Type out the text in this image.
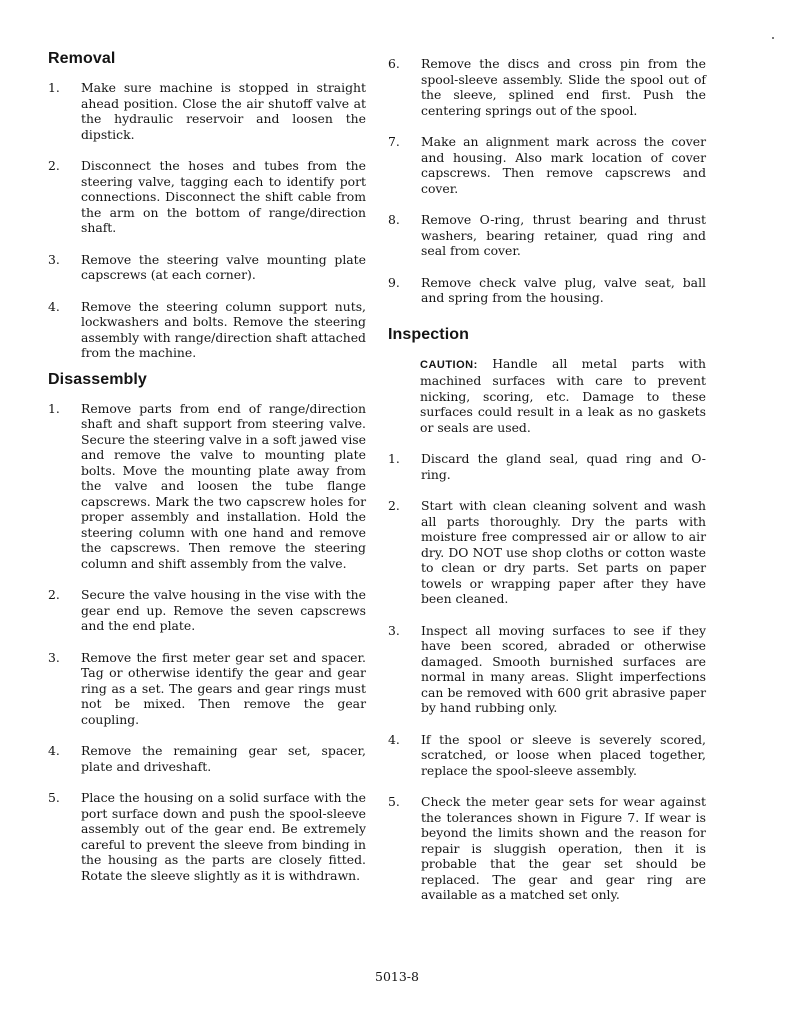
Removal
1.	Make sure machine is stopped in straight ahead position. Close the air shutoff valve at the hydraulic reservoir and loosen the dipstick.
2.	Disconnect the hoses and tubes from the steering valve, tagging each to identify port connections. Disconnect the shift cable from the arm on the bottom of range/direction shaft.
3.	Remove the steering valve mounting plate capscrews (at each corner).
4.	Remove the steering column support nuts, lockwashers and bolts. Remove the steering assembly with range/direction shaft attached from the machine.
Disassembly
1.	Remove parts from end of range/direction shaft and shaft support from steering valve. Secure the steering valve in a soft jawed vise and remove the valve to mounting plate bolts. Move the mounting plate away from the valve and loosen the tube flange capscrews. Mark the two capscrew holes for proper assembly and installation. Hold the steering column with one hand and remove the capscrews. Then remove the steering column and shift assembly from the valve.
2.	Secure the valve housing in the vise with the gear end up. Remove the seven capscrews and the end plate.
3.	Remove the first meter gear set and spacer. Tag or otherwise identify the gear and gear ring as a set. The gears and gear rings must not be mixed. Then remove the gear coupling.
4.	Remove the remaining gear set, spacer, plate and driveshaft.
5.	Place the housing on a solid surface with the port surface down and push the spool-sleeve assembly out of the gear end. Be extremely careful to prevent the sleeve from binding in the housing as the parts are closely fitted. Rotate the sleeve slightly as it is withdrawn.
6.	Remove the discs and cross pin from the spool-sleeve assembly. Slide the spool out of the sleeve, splined end first. Push the centering springs out of the spool.
7.	Make an alignment mark across the cover and housing. Also mark location of cover capscrews. Then remove capscrews and cover.
8.	Remove O-ring, thrust bearing and thrust washers, bearing retainer, quad ring and seal from cover.
9.	Remove check valve plug, valve seat, ball and spring from the housing.
Inspection
CAUTION: Handle all metal parts with machined surfaces with care to prevent nicking, scoring, etc. Damage to these surfaces could result in a leak as no gaskets or seals are used.
1.	Discard the gland seal, quad ring and O-ring.
2.	Start with clean cleaning solvent and wash all parts thoroughly. Dry the parts with moisture free compressed air or allow to air dry. DO NOT use shop cloths or cotton waste to clean or dry parts. Set parts on paper towels or wrapping paper after they have been cleaned.
3.	Inspect all moving surfaces to see if they have been scored, abraded or otherwise damaged. Smooth burnished surfaces are normal in many areas. Slight imperfections can be removed with 600 grit abrasive paper by hand rubbing only.
4.	If the spool or sleeve is severely scored, scratched, or loose when placed together, replace the spool-sleeve assembly.
5.	Check the meter gear sets for wear against the tolerances shown in Figure 7. If wear is beyond the limits shown and the reason for repair is sluggish operation, then it is probable that the gear set should be replaced. The gear and gear ring are available as a matched set only.
5013-8
